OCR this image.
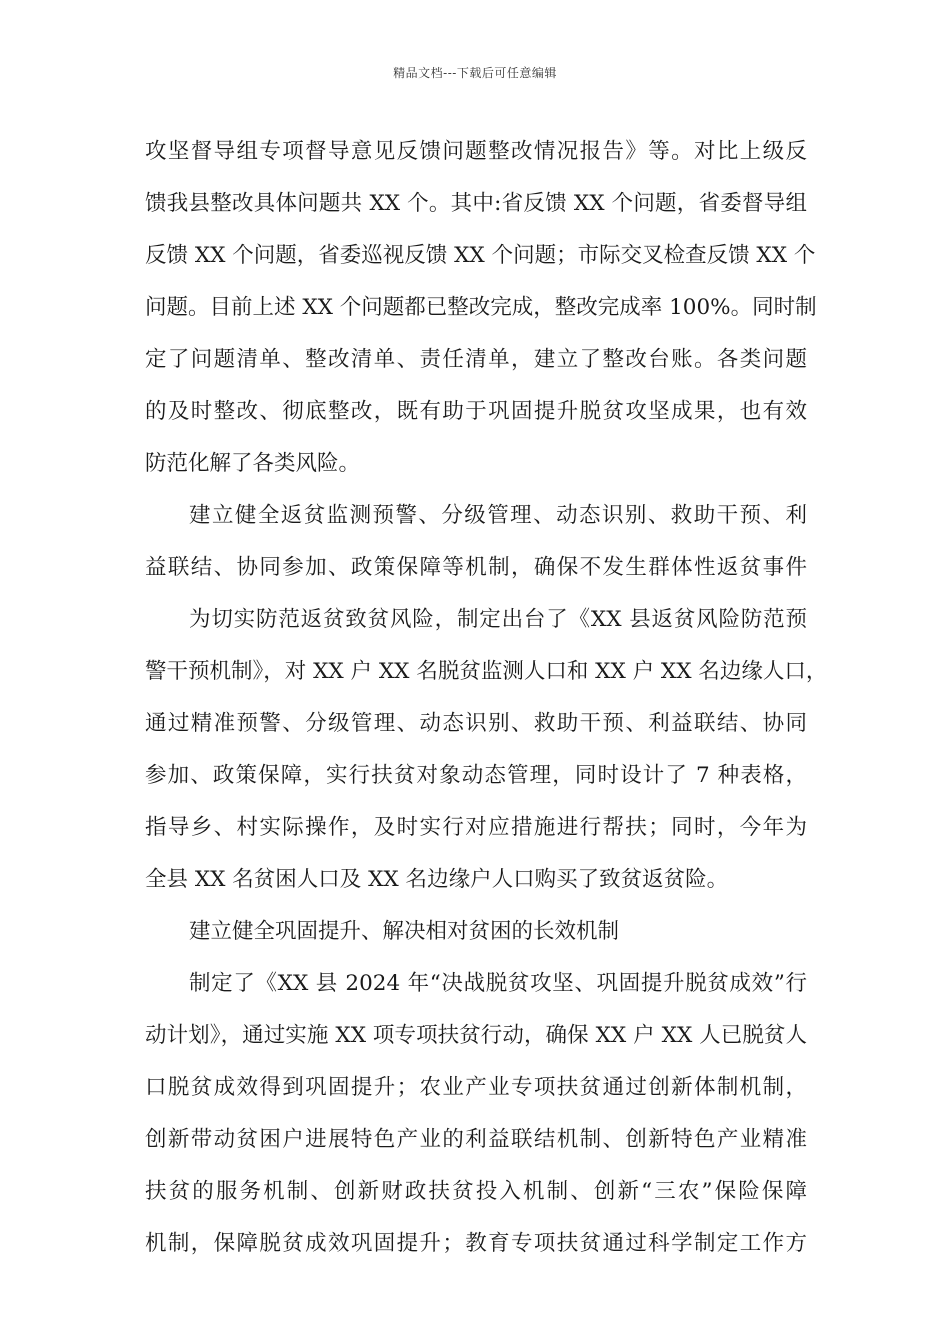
精品文档---下载后可任意编辑
攻坚督导组专项督导意见反馈问题整改情况报告》等。对比上级反
馈我县整改具体问题共 XX 个。其中:省反馈 XX 个问题，省委督导组
反馈 XX 个问题，省委巡视反馈 XX 个问题；市际交叉检查反馈 XX 个
问题。目前上述 XX 个问题都已整改完成，整改完成率 100%。同时制
定了问题清单、整改清单、责任清单，建立了整改台账。各类问题
的及时整改、彻底整改，既有助于巩固提升脱贫攻坚成果，也有效
防范化解了各类风险。
建立健全返贫监测预警、分级管理、动态识别、救助干预、利
益联结、协同参加、政策保障等机制，确保不发生群体性返贫事件
为切实防范返贫致贫风险，制定出台了《XX 县返贫风险防范预
警干预机制》，对 XX 户 XX 名脱贫监测人口和 XX 户 XX 名边缘人口，
通过精准预警、分级管理、动态识别、救助干预、利益联结、协同
参加、政策保障，实行扶贫对象动态管理，同时设计了 7 种表格，
指导乡、村实际操作，及时实行对应措施进行帮扶；同时，今年为
全县 XX 名贫困人口及 XX 名边缘户人口购买了致贫返贫险。
建立健全巩固提升、解决相对贫困的长效机制
制定了《XX 县 2024 年“决战脱贫攻坚、巩固提升脱贫成效”行
动计划》，通过实施 XX 项专项扶贫行动，确保 XX 户 XX 人已脱贫人
口脱贫成效得到巩固提升；农业产业专项扶贫通过创新体制机制，
创新带动贫困户进展特色产业的利益联结机制、创新特色产业精准
扶贫的服务机制、创新财政扶贫投入机制、创新“三农”保险保障
机制，保障脱贫成效巩固提升；教育专项扶贫通过科学制定工作方
